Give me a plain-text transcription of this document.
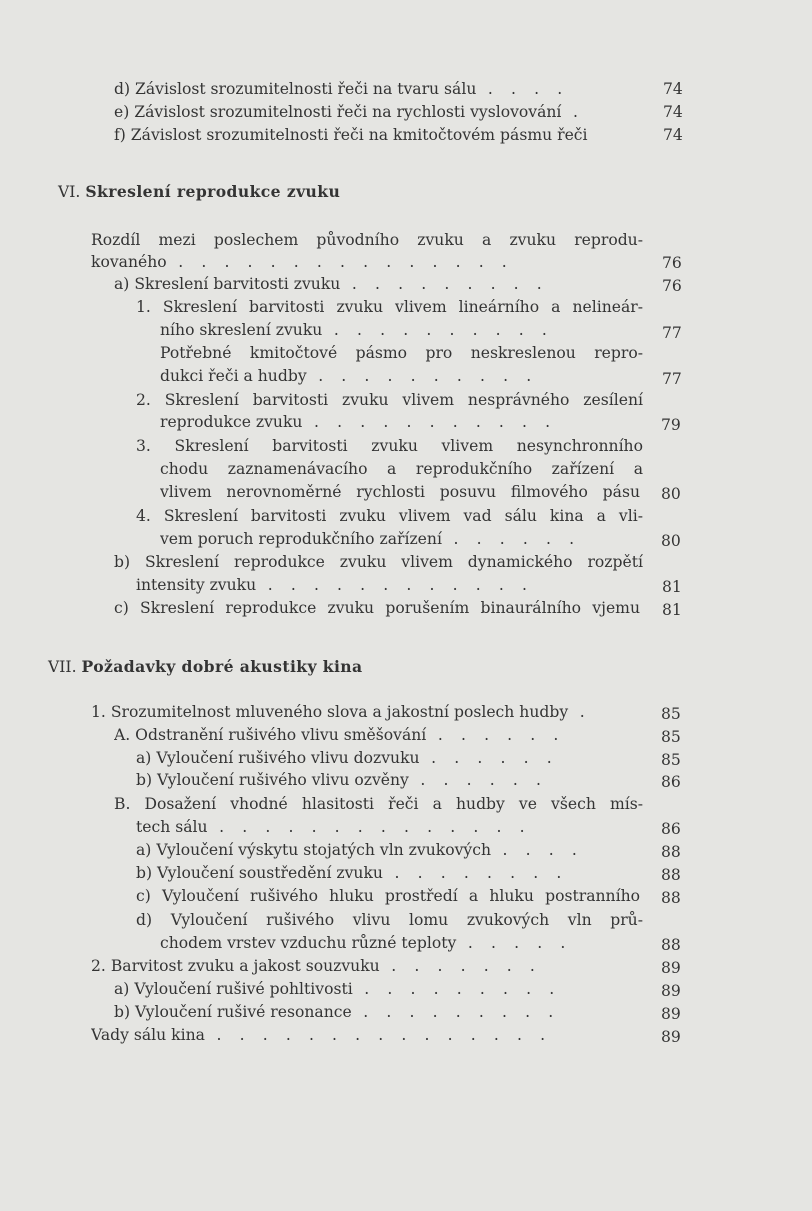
d) Závislost srozumitelnosti řeči na tvaru sálu . . . .	74
e) Závislost srozumitelnosti řeči na rychlosti vyslovování .	74
f) Závislost srozumitelnosti řeči na kmitočtovém pásmu řeči	74
VI. Skreslení reprodukce zvuku
Rozdíl mezi poslechem původního zvuku a zvuku reprodu-
kovaného . . . . . . . . . . . . . . .	76
a) Skreslení barvitosti zvuku . . . . . . . . .	76
1. Skreslení barvitosti zvuku vlivem lineárního a nelineár-
ního skreslení zvuku . . . . . . . . . .	77
Potřebné kmitočtové pásmo pro neskreslenou repro-
dukci řeči a hudby . . . . . . . . . .	77
2. Skreslení barvitosti zvuku vlivem nesprávného zesílení
reprodukce zvuku . . . . . . . . . . .	79
3. Skreslení barvitosti zvuku vlivem nesynchronního
chodu zaznamenávacího a reprodukčního zařízení a
vlivem nerovnoměrné rychlosti posuvu filmového pásu 80
4. Skreslení barvitosti zvuku vlivem vad sálu kina a vli-
vem poruch reprodukčního zařízení . . . . . .	80
b) Skreslení reprodukce zvuku vlivem dynamického rozpětí
intensity zvuku . . . . . . . . . . . .	81
c) Skreslení reprodukce zvuku porušením binaurálního vjemu 81
VII. Požadavky dobré akustiky kina
1. Srozumitelnost mluveného slova a jakostní poslech hudby .	85
A. Odstranění rušivého vlivu směšování . . . . . .	85
a) Vyloučení rušivého vlivu dozvuku . . . . . .	85
b) Vyloučení rušivého vlivu ozvěny . . . . . .	86
B. Dosažení vhodné hlasitosti řeči a hudby ve všech mís-
tech sálu . . . . . . . . . . . . . .	86
a) Vyloučení výskytu stojatých vln zvukových . . . .	88
b) Vyloučení soustředění zvuku . . . . . . . .	88
c) Vyloučení rušivého hluku prostředí a hluku postranního 88
d) Vyloučení rušivého vlivu lomu zvukových vln prů-
chodem vrstev vzduchu různé teploty . . . . .	88
2. Barvitost zvuku a jakost souzvuku . . . . . . .	89
a) Vyloučení rušivé pohltivosti . . . . . . . . .	89
b) Vyloučení rušivé resonance . . . . . . . . .	89
Vady sálu kina . . . . . . . . . . . . . . .	89
